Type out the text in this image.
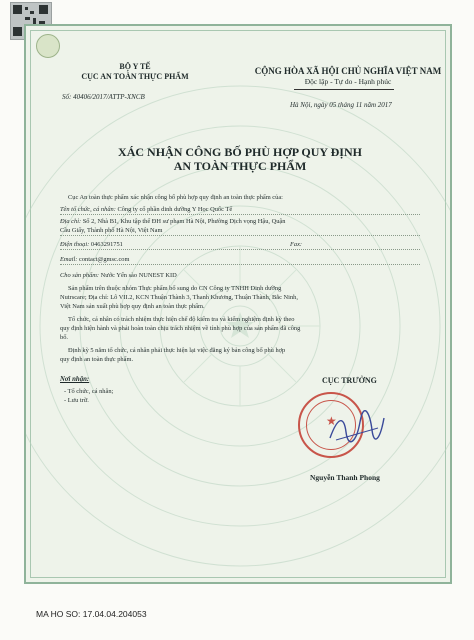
BỘ Y TẾ
CỤC AN TOÀN THỰC PHẨM
Số: 40406/2017/ATTP-XNCB
CỘNG HÒA XÃ HỘI CHỦ NGHĨA VIỆT NAM
Độc lập - Tự do - Hạnh phúc
Hà Nội, ngày 05 tháng 11 năm 2017
XÁC NHẬN CÔNG BỐ PHÙ HỢP QUY ĐỊNH
AN TOÀN THỰC PHẨM
Cục An toàn thực phẩm xác nhận công bố phù hợp quy định an toàn thực phẩm của:
Tên tổ chức, cá nhân: Công ty cổ phần dinh dưỡng Y Học Quốc Tế
Địa chỉ: Số 2, Nhà B1, Khu tập thể ĐH sư phạm Hà Nội, Phường Dịch vọng Hậu, Quận
Cầu Giấy, Thành phố Hà Nội, Việt Nam
Điện thoại: 0463291751	Fax:
Email: contact@gmsc.com
Cho sản phẩm: Nước Yến sào NUNEST KID
Sản phẩm trên thuộc nhóm Thực phẩm bổ sung do CN Công ty TNHH Dinh dưỡng
Nutrscare; Địa chỉ: Lô VII.2, KCN Thuận Thành 3, Thanh Khương, Thuận Thành, Bắc Ninh,
Việt Nam sản xuất phù hợp quy định an toàn thực phẩm.
Tổ chức, cá nhân có trách nhiệm thực hiện chế độ kiểm tra và kiểm nghiệm định kỳ theo
quy định hiện hành và phải hoàn toàn chịu trách nhiệm về tính phù hợp của sản phẩm đã công
bố.
Định kỳ 5 năm tổ chức, cá nhân phải thực hiện lại việc đăng ký bản công bố phù hợp
quy định an toàn thực phẩm.
Nơi nhận:
- Tổ chức, cá nhân;
- Lưu trữ.
CỤC TRƯỞNG
★
Nguyễn Thanh Phong
MA HO SO: 17.04.04.204053
